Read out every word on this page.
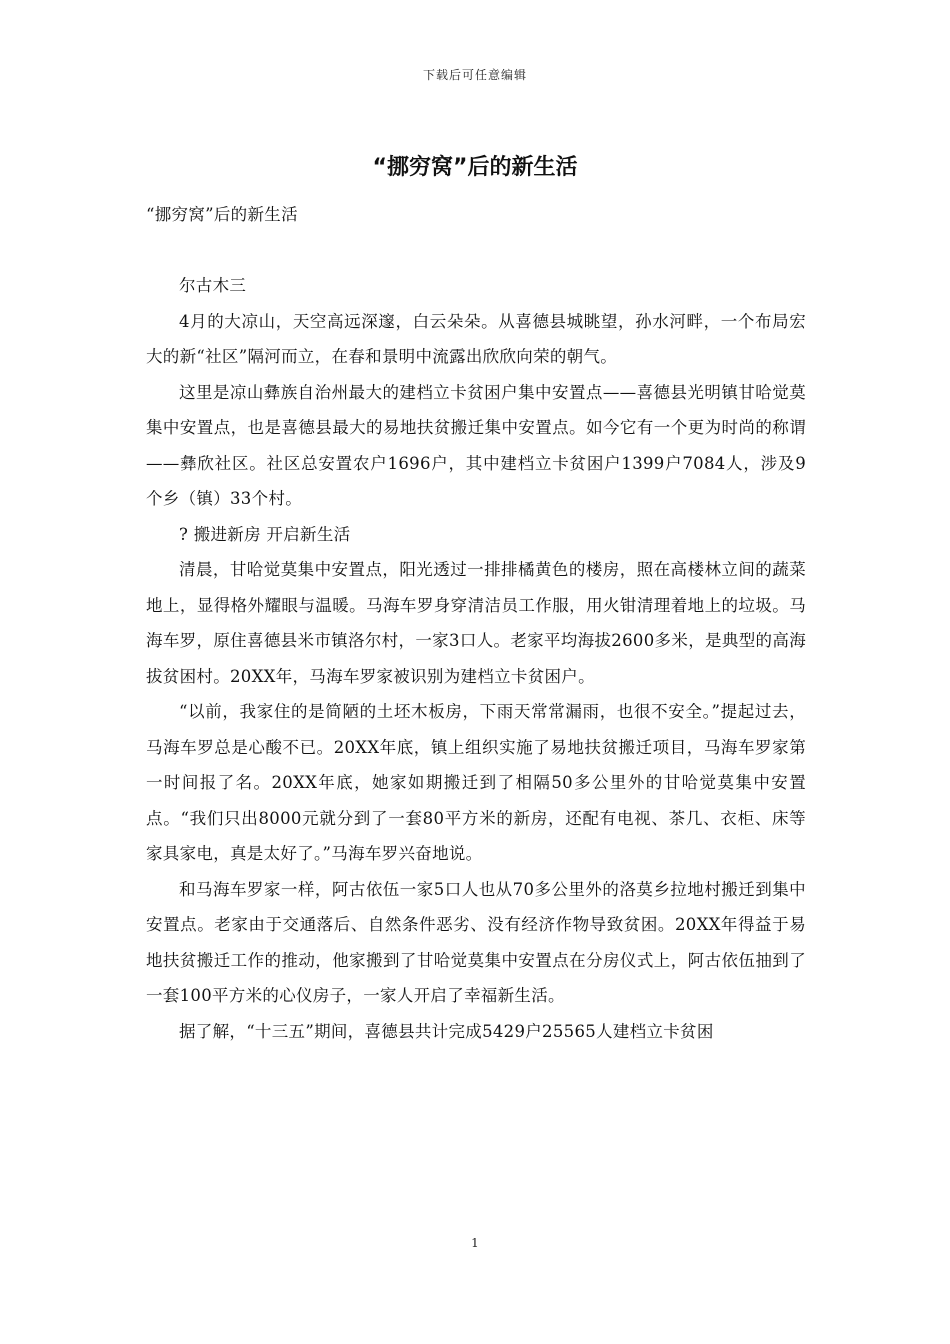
下载后可任意编辑
“挪穷窝”后的新生活

“挪穷窝”后的新生活

尔古木三

4月的大凉山，天空高远深邃，白云朵朵。从喜德县城眺望，孙水河畔，一个布局宏大的新“社区”隔河而立，在春和景明中流露出欣欣向荣的朝气。

这里是凉山彝族自治州最大的建档立卡贫困户集中安置点——喜德县光明镇甘哈觉莫集中安置点，也是喜德县最大的易地扶贫搬迁集中安置点。如今它有一个更为时尚的称谓——彝欣社区。社区总安置农户1696户，其中建档立卡贫困户1399户7084人，涉及9个乡（镇）33个村。

? 搬进新房 开启新生活

清晨，甘哈觉莫集中安置点，阳光透过一排排橘黄色的楼房，照在高楼林立间的蔬菜地上，显得格外耀眼与温暖。马海车罗身穿清洁员工作服，用火钳清理着地上的垃圾。马海车罗，原住喜德县米市镇洛尔村，一家3口人。老家平均海拔2600多米，是典型的高海拔贫困村。20XX年，马海车罗家被识别为建档立卡贫困户。

“以前，我家住的是简陋的土坯木板房，下雨天常常漏雨，也很不安全。”提起过去，马海车罗总是心酸不已。20XX年底，镇上组织实施了易地扶贫搬迁项目，马海车罗家第一时间报了名。20XX年底，她家如期搬迁到了相隔50多公里外的甘哈觉莫集中安置点。“我们只出8000元就分到了一套80平方米的新房，还配有电视、茶几、衣柜、床等家具家电，真是太好了。”马海车罗兴奋地说。

和马海车罗家一样，阿古依伍一家5口人也从70多公里外的洛莫乡拉地村搬迁到集中安置点。老家由于交通落后、自然条件恶劣、没有经济作物导致贫困。20XX年得益于易地扶贫搬迁工作的推动，他家搬到了甘哈觉莫集中安置点在分房仪式上，阿古依伍抽到了一套100平方米的心仪房子，一家人开启了幸福新生活。

据了解，“十三五”期间，喜德县共计完成5429户25565人建档立卡贫困

1
